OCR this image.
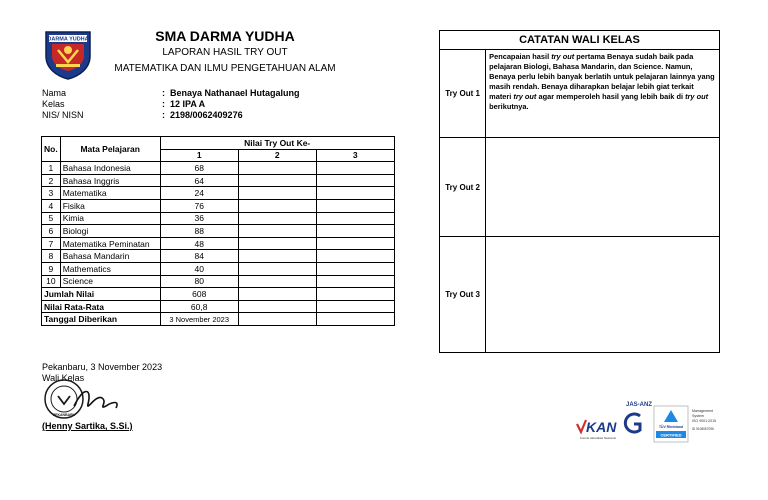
DARMA YUDHA	SMA DARMA YUDHA
LAPORAN HASIL TRY OUT
MATEMATIKA DAN ILMU PENGETAHUAN ALAM
Nama	: Benaya Nathanael Hutagalung
Kelas	: 12 IPA A
NIS/ NISN	: 2198/0062409276
No.	Mata Pelajaran	Nilai Try Out Ke-		
		1	2	3
1	Bahasa Indonesia	68		
2	Bahasa Inggris	64		
3	Matematika	24		
4	Fisika	76		
5	Kimia	36		
6	Biologi	88		
7	Matematika Peminatan	48		
8	Bahasa Mandarin	84		
9	Mathematics	40		
10	Science	80		
Jumlah Nilai		608		
Nilai Rata-Rata		60,8		
Tanggal Diberikan		3 November 2023		
Pekanbaru, 3 November 2023
Wali Kelas
PEKANBARU
(Henny Sartika, S.Si.)
CATATAN WALI KELAS	
Try Out 1	Pencapaian hasil try out pertama Benaya sudah baik pada pelajaran Biologi, Bahasa Mandarin, dan Science. Namun, Benaya perlu lebih banyak berlatih untuk pelajaran lainnya yang masih rendah. Benaya diharapkan belajar lebih giat terkait materi try out agar memperoleh hasil yang lebih baik di try out berikutnya.
Try Out 2	
Try Out 3	
JAS-ANZ
KAN
Komite Akreditasi Nasional
TÜV Rheinland
CERTIFIED
Management
System
ISO 9001:2015
ID 9108067096
